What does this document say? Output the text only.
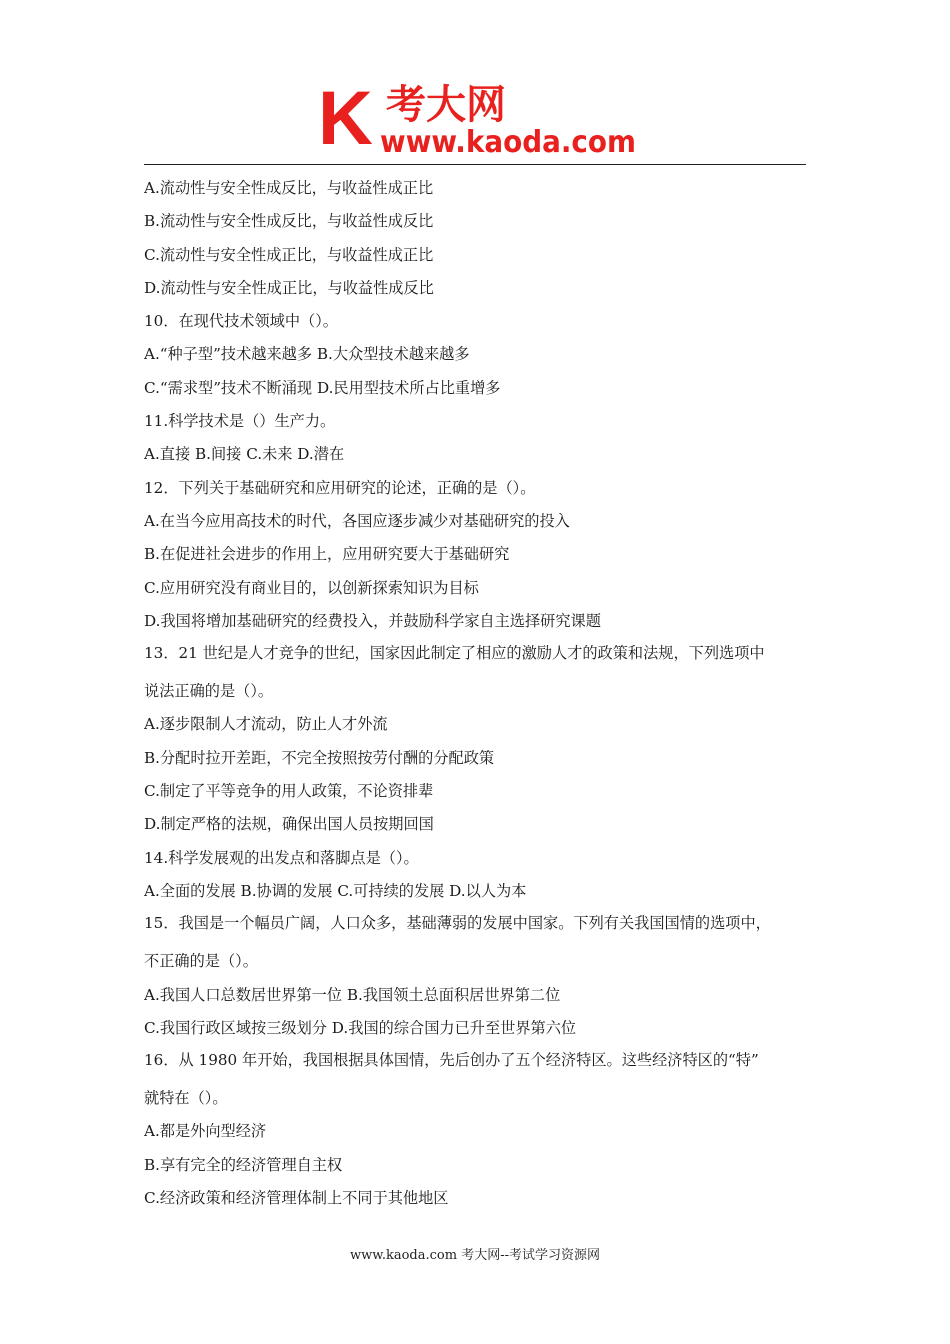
K 考大网
www.kaoda.com
A.流动性与安全性成反比，与收益性成正比
B.流动性与安全性成反比，与收益性成反比
C.流动性与安全性成正比，与收益性成正比
D.流动性与安全性成正比，与收益性成反比
10．在现代技术领域中（）。
A.“种子型”技术越来越多 B.大众型技术越来越多
C.“需求型”技术不断涌现 D.民用型技术所占比重增多
11.科学技术是（）生产力。
A.直接 B.间接 C.未来 D.潜在
12．下列关于基础研究和应用研究的论述，正确的是（）。
A.在当今应用高技术的时代，各国应逐步减少对基础研究的投入
B.在促进社会进步的作用上，应用研究要大于基础研究
C.应用研究没有商业目的，以创新探索知识为目标
D.我国将增加基础研究的经费投入，并鼓励科学家自主选择研究课题
13．21 世纪是人才竞争的世纪，国家因此制定了相应的激励人才的政策和法规，下列选项中
说法正确的是（）。
A.逐步限制人才流动，防止人才外流
B.分配时拉开差距，不完全按照按劳付酬的分配政策
C.制定了平等竞争的用人政策，不论资排辈
D.制定严格的法规，确保出国人员按期回国
14.科学发展观的出发点和落脚点是（）。
A.全面的发展 B.协调的发展 C.可持续的发展 D.以人为本
15．我国是一个幅员广阔，人口众多，基础薄弱的发展中国家。下列有关我国国情的选项中，
不正确的是（）。
A.我国人口总数居世界第一位 B.我国领土总面积居世界第二位
C.我国行政区域按三级划分 D.我国的综合国力已升至世界第六位
16．从 1980 年开始，我国根据具体国情，先后创办了五个经济特区。这些经济特区的“特”
就特在（）。
A.都是外向型经济
B.享有完全的经济管理自主权
C.经济政策和经济管理体制上不同于其他地区
www.kaoda.com 考大网--考试学习资源网
